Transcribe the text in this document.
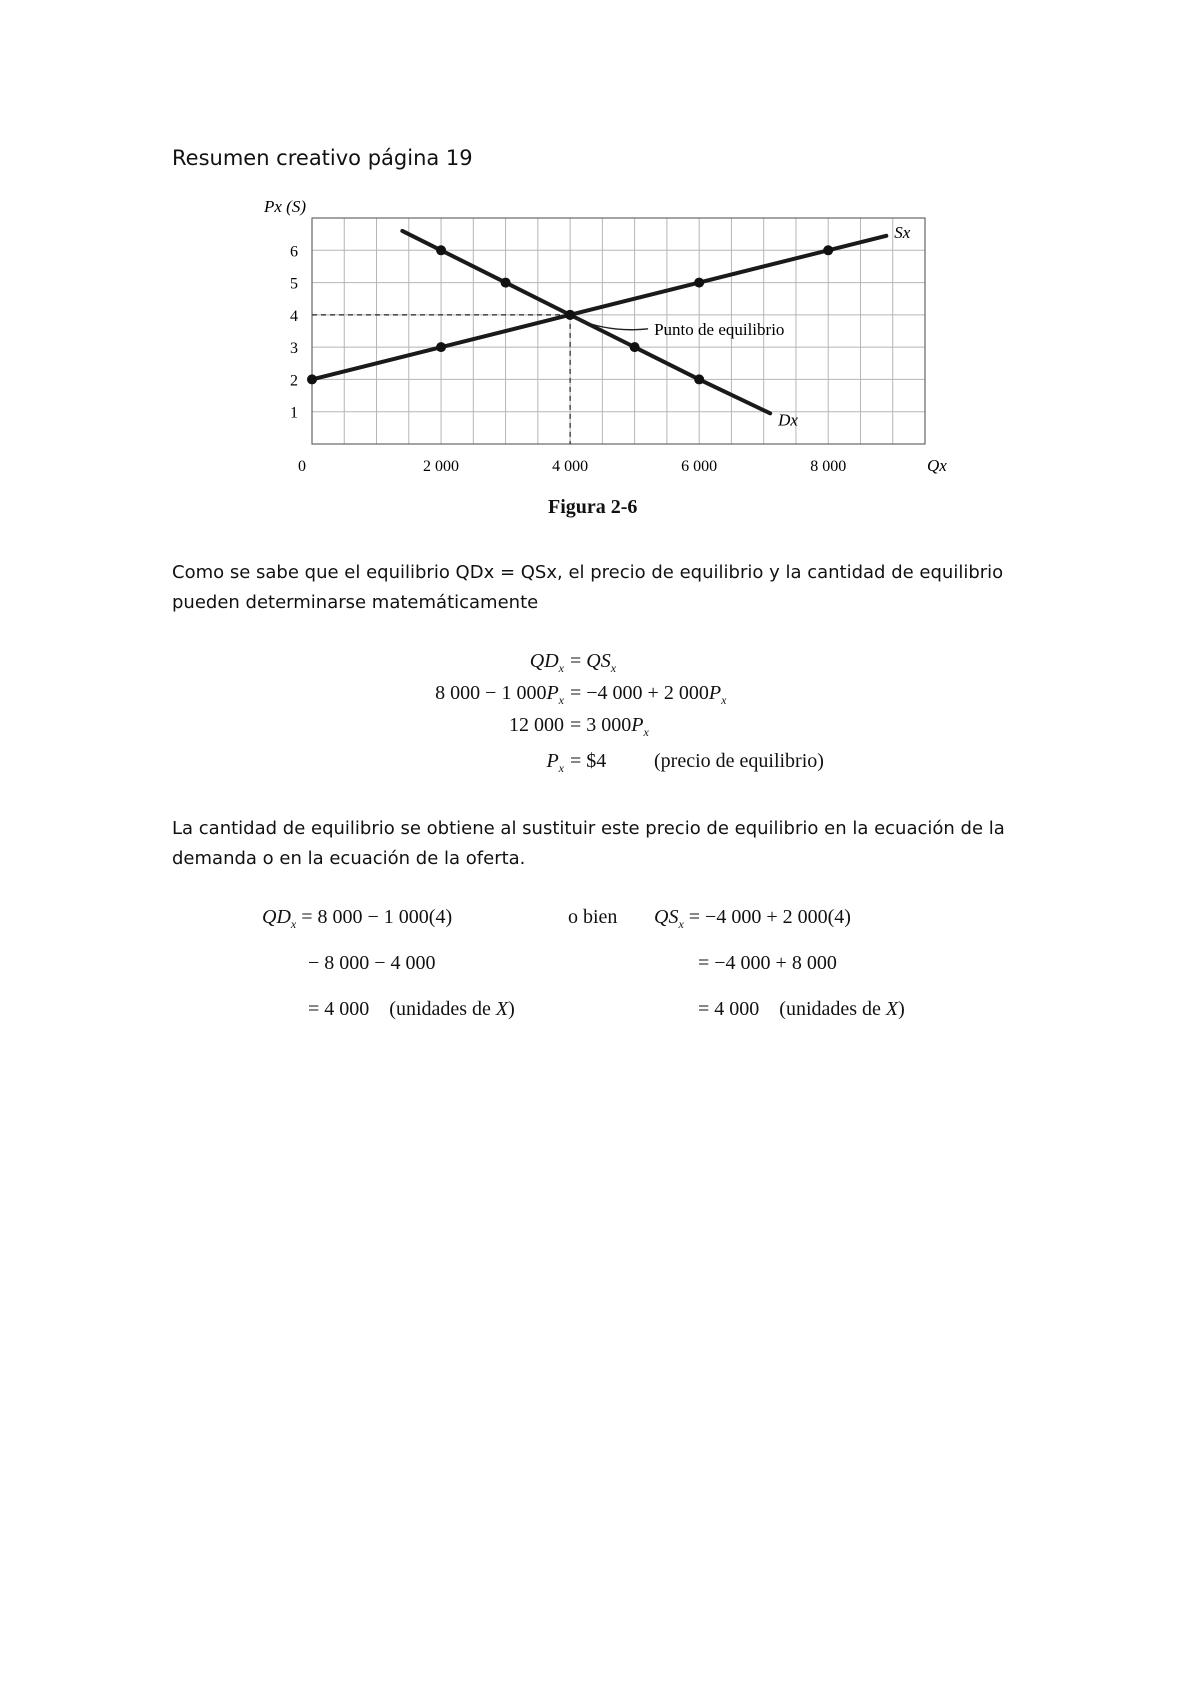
Resumen creativo página 19
Sx
Dx
Punto de equilibrio
1
2
3
4
5
6
0	2 000	4 000	6 000	8 000
Px (S)
Qx
Figura 2-6
Como se sabe que el equilibrio QDx = QSx, el precio de equilibrio y la cantidad de equilibrio pueden determinarse matemáticamente
$QD_x = QS_x$
8 000 − 1 $000P_x = -4$ 000 + 2 $000P_x$
12 000 = 3 $000P_x$
$P_x$ = $4 (precio de equilibrio)
La cantidad de equilibrio se obtiene al sustituir este precio de equilibrio en la ecuación de la demanda o en la ecuación de la oferta.
$QD_x = 8$ 000 − 1 000(4)	o bien $QS_x = -4$ 000 + 2 000(4)
− 8 000 − 4 000	= −4 000 + 8 000
= 4 000    (unidades de X)	= 4 000    (unidades de X)
